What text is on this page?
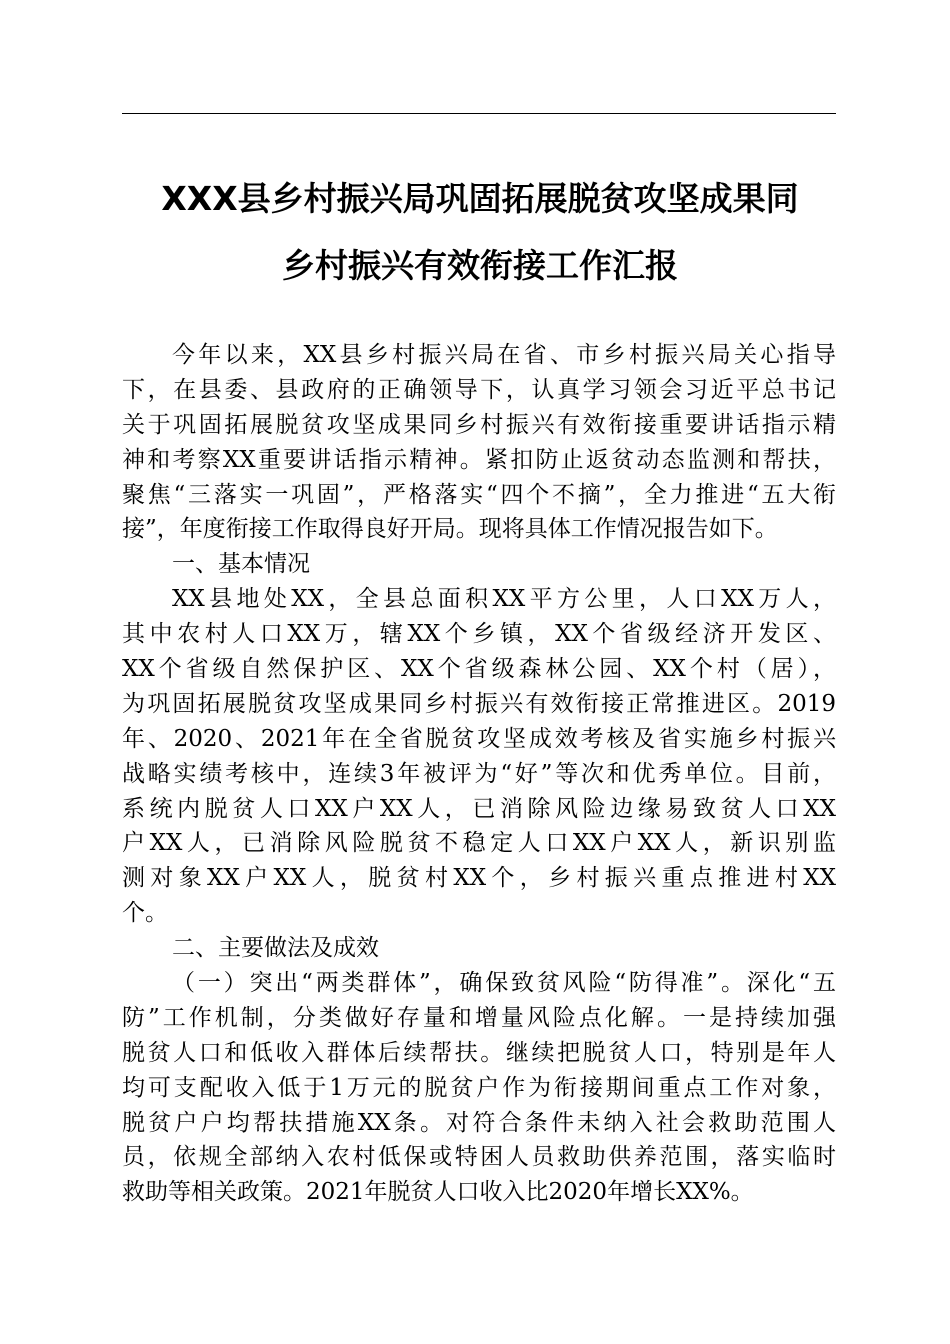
XXX县乡村振兴局巩固拓展脱贫攻坚成果同
乡村振兴有效衔接工作汇报
今年以来，XX县乡村振兴局在省、市乡村振兴局关心指导
下，在县委、县政府的正确领导下，认真学习领会习近平总书记
关于巩固拓展脱贫攻坚成果同乡村振兴有效衔接重要讲话指示精
神和考察XX重要讲话指示精神。紧扣防止返贫动态监测和帮扶，
聚焦“三落实一巩固”，严格落实“四个不摘”，全力推进“五大衔
接”，年度衔接工作取得良好开局。现将具体工作情况报告如下。
一、基本情况
XX县地处XX，全县总面积XX平方公里，人口XX万人，
其中农村人口XX万，辖XX个乡镇，XX个省级经济开发区、
XX个省级自然保护区、XX个省级森林公园、XX个村（居），
为巩固拓展脱贫攻坚成果同乡村振兴有效衔接正常推进区。2019
年、2020、2021年在全省脱贫攻坚成效考核及省实施乡村振兴
战略实绩考核中，连续3年被评为“好”等次和优秀单位。目前，
系统内脱贫人口XX户XX人，已消除风险边缘易致贫人口XX
户XX人，已消除风险脱贫不稳定人口XX户XX人，新识别监
测对象XX户XX人，脱贫村XX个，乡村振兴重点推进村XX
个。
二、主要做法及成效
（一）突出“两类群体”，确保致贫风险“防得准”。深化“五
防”工作机制，分类做好存量和增量风险点化解。一是持续加强
脱贫人口和低收入群体后续帮扶。继续把脱贫人口，特别是年人
均可支配收入低于1万元的脱贫户作为衔接期间重点工作对象，
脱贫户户均帮扶措施XX条。对符合条件未纳入社会救助范围人
员，依规全部纳入农村低保或特困人员救助供养范围，落实临时
救助等相关政策。2021年脱贫人口收入比2020年增长XX%。
